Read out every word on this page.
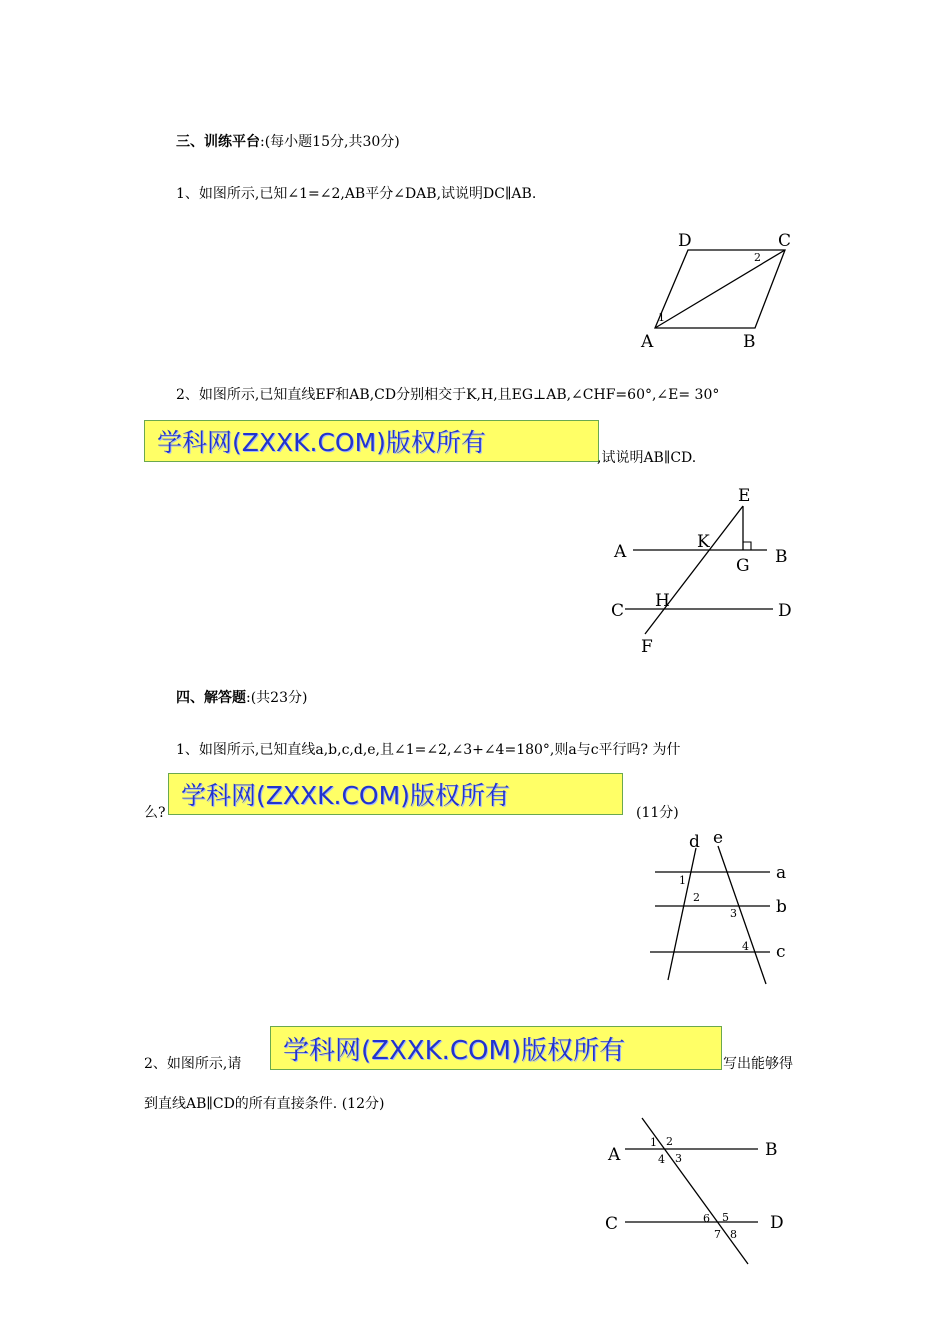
三、训练平台:(每小题15分,共30分)
1、如图所示,已知∠1=∠2,AB平分∠DAB,试说明DC∥AB.
D	C
A	B
1
2
2、如图所示,已知直线EF和AB,CD分别相交于K,H,且EG⊥AB,∠CHF=60°,∠E= 30°
学科网(ZXXK.COM)版权所有
,试说明AB∥CD.
E
A	K
B
G
C H	D
F
四、解答题:(共23分)
1、如图所示,已知直线a,b,c,d,e,且∠1=∠2,∠3+∠4=180°,则a与c平行吗? 为什
么?
学科网(ZXXK.COM)版权所有
(11分)
d e
a
b
c
1
2
3
4
2、如图所示,请	学科网(ZXXK.COM)版权所有	写出能够得
到直线AB∥CD的所有直接条件. (12分)
A	B
C	D
1 2
3
4
5
6
7 8
